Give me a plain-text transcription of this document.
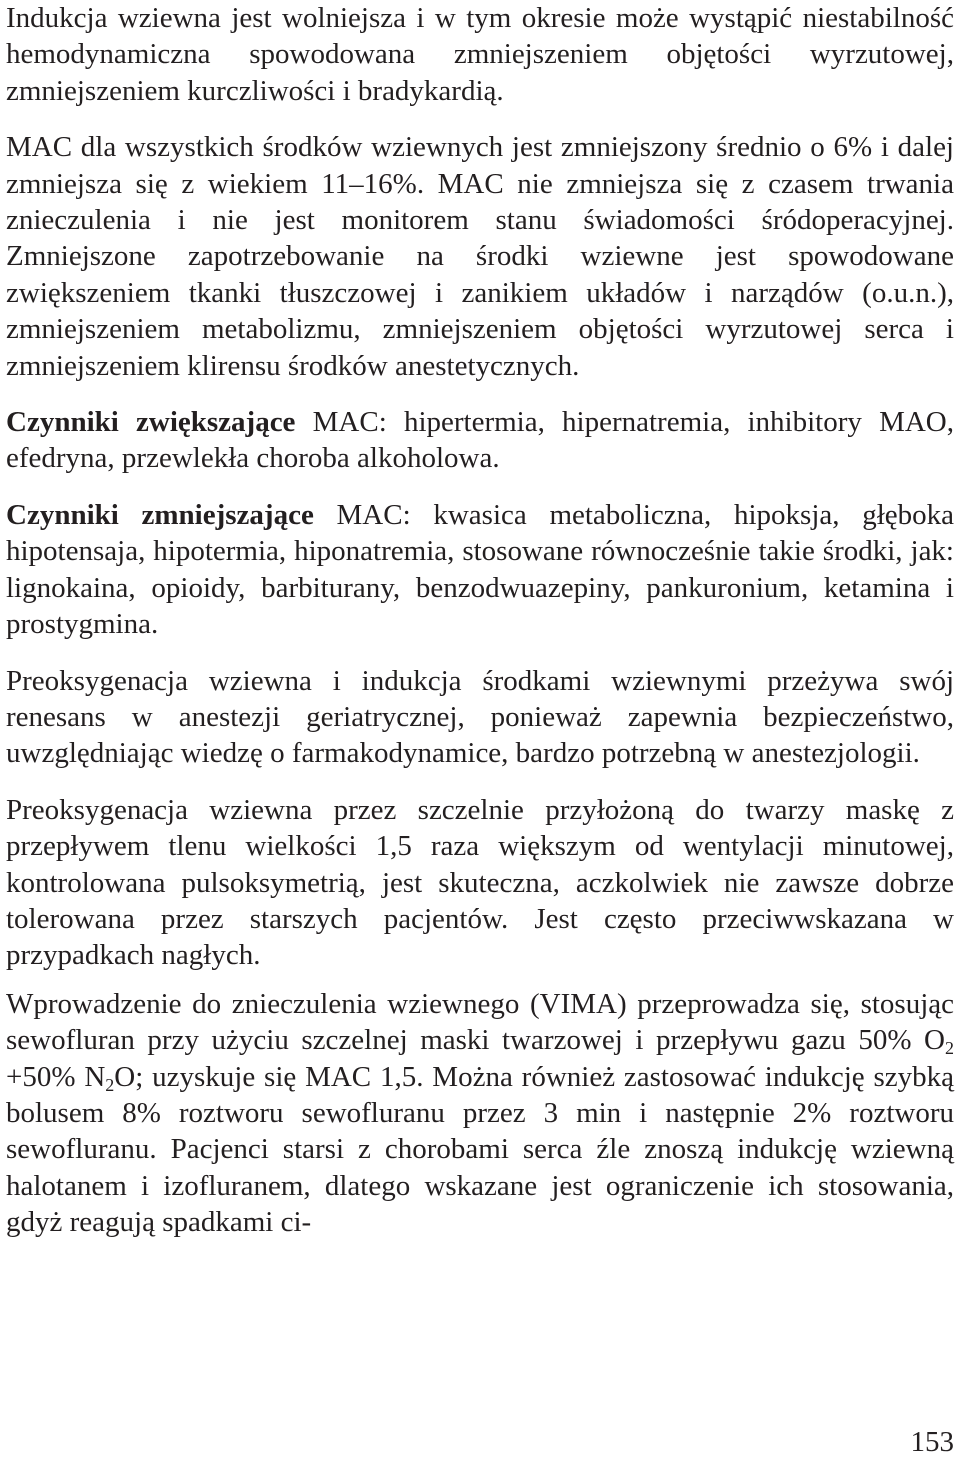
Indukcja wziewna jest wolniejsza i w tym okresie może wystąpić niestabilność hemodynamiczna spowodowana zmniejszeniem objętości wyrzutowej, zmniejszeniem kurczliwości i bradykardią.

MAC dla wszystkich środków wziewnych jest zmniejszony średnio o 6% i dalej zmniejsza się z wiekiem 11–16%. MAC nie zmniejsza się z czasem trwania znieczulenia i nie jest monitorem stanu świadomości śródoperacyjnej. Zmniejszone zapotrzebowanie na środki wziewne jest spowodowane zwiększeniem tkanki tłuszczowej i zanikiem układów i narządów (o.u.n.), zmniejszeniem metabolizmu, zmniejszeniem objętości wyrzutowej serca i zmniejszeniem klirensu środków anestetycznych.

Czynniki zwiększające MAC: hipertermia, hipernatremia, inhibitory MAO, efedryna, przewlekła choroba alkoholowa.

Czynniki zmniejszające MAC: kwasica metaboliczna, hipoksja, głęboka hipotensaja, hipotermia, hiponatremia, stosowane równocześnie takie środki, jak: lignokaina, opioidy, barbiturany, benzodwuazepiny, pankuronium, ketamina i prostygmina.

Preoksygenacja wziewna i indukcja środkami wziewnymi przeżywa swój renesans w anestezji geriatrycznej, ponieważ zapewnia bezpieczeństwo, uwzględniając wiedzę o farmakodynamice, bardzo potrzebną w anestezjologii.

Preoksygenacja wziewna przez szczelnie przyłożoną do twarzy maskę z przepływem tlenu wielkości 1,5 raza większym od wentylacji minutowej, kontrolowana pulsoksymetrią, jest skuteczna, aczkolwiek nie zawsze dobrze tolerowana przez starszych pacjentów. Jest często przeciwwskazana w przypadkach nagłych.

Wprowadzenie do znieczulenia wziewnego (VIMA) przeprowadza się, stosując sewofluran przy użyciu szczelnej maski twarzowej i przepływu gazu 50% $O_2 +50\%$ $N_2O$; uzyskuje się MAC 1,5. Można również zastosować indukcję szybką bolusem 8% roztworu sewofluranu przez 3 min i następnie 2% roztworu sewofluranu. Pacjenci starsi z chorobami serca źle znoszą indukcję wziewną halotanem i izofluranem, dlatego wskazane jest ograniczenie ich stosowania, gdyż reagują spadkami ci-

153
